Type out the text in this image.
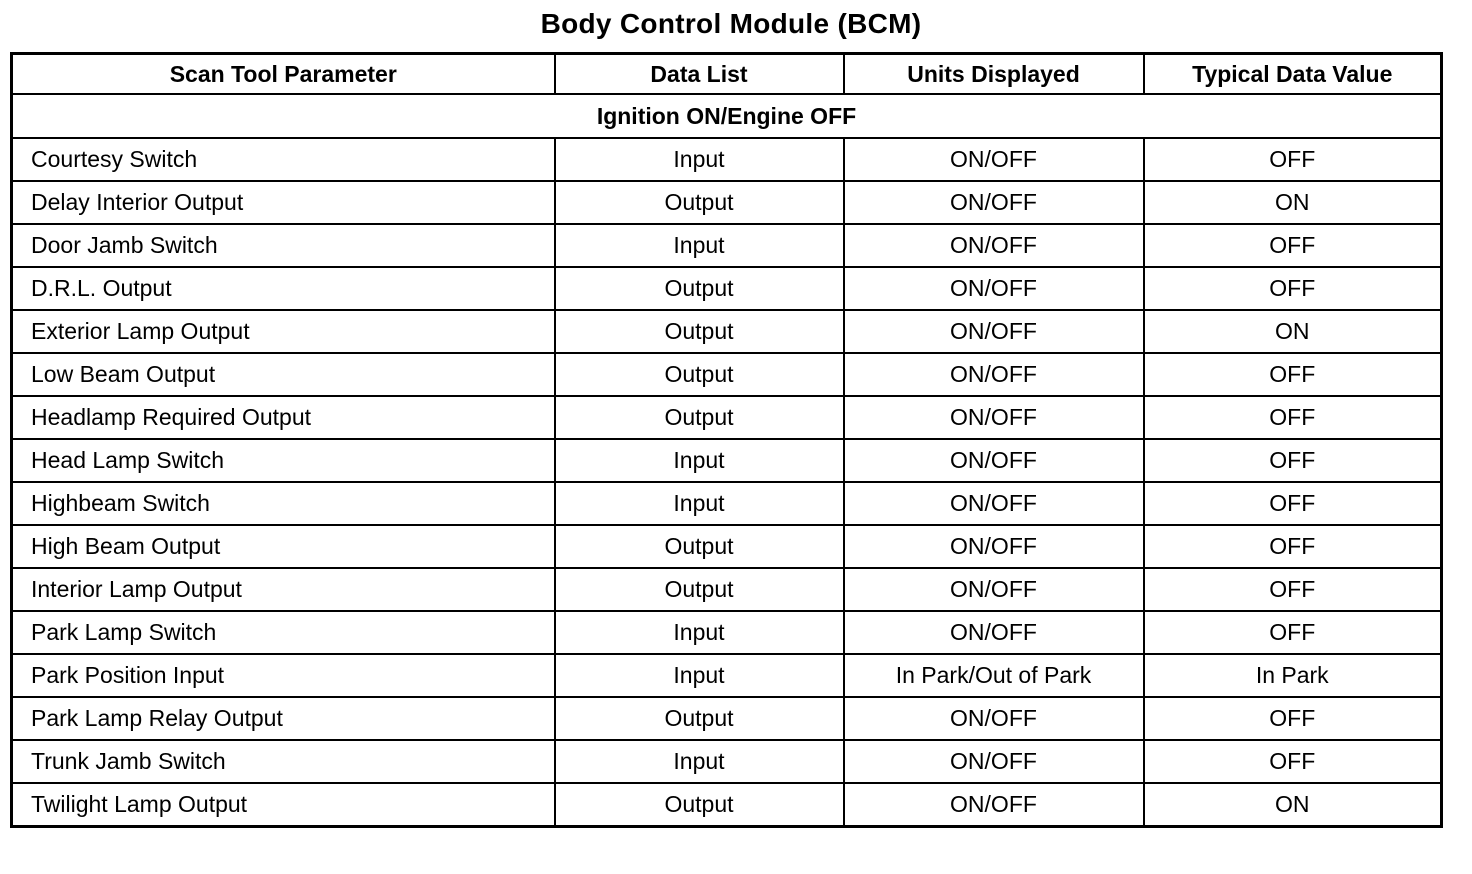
Body Control Module (BCM)
Scan Tool Parameter	Data List	Units Displayed	Typical Data Value
Ignition ON/Engine OFF			
Courtesy Switch	Input	ON/OFF	OFF
Delay Interior Output	Output	ON/OFF	ON
Door Jamb Switch	Input	ON/OFF	OFF
D.R.L. Output	Output	ON/OFF	OFF
Exterior Lamp Output	Output	ON/OFF	ON
Low Beam Output	Output	ON/OFF	OFF
Headlamp Required Output	Output	ON/OFF	OFF
Head Lamp Switch	Input	ON/OFF	OFF
Highbeam Switch	Input	ON/OFF	OFF
High Beam Output	Output	ON/OFF	OFF
Interior Lamp Output	Output	ON/OFF	OFF
Park Lamp Switch	Input	ON/OFF	OFF
Park Position Input	Input	In Park/Out of Park	In Park
Park Lamp Relay Output	Output	ON/OFF	OFF
Trunk Jamb Switch	Input	ON/OFF	OFF
Twilight Lamp Output	Output	ON/OFF	ON
